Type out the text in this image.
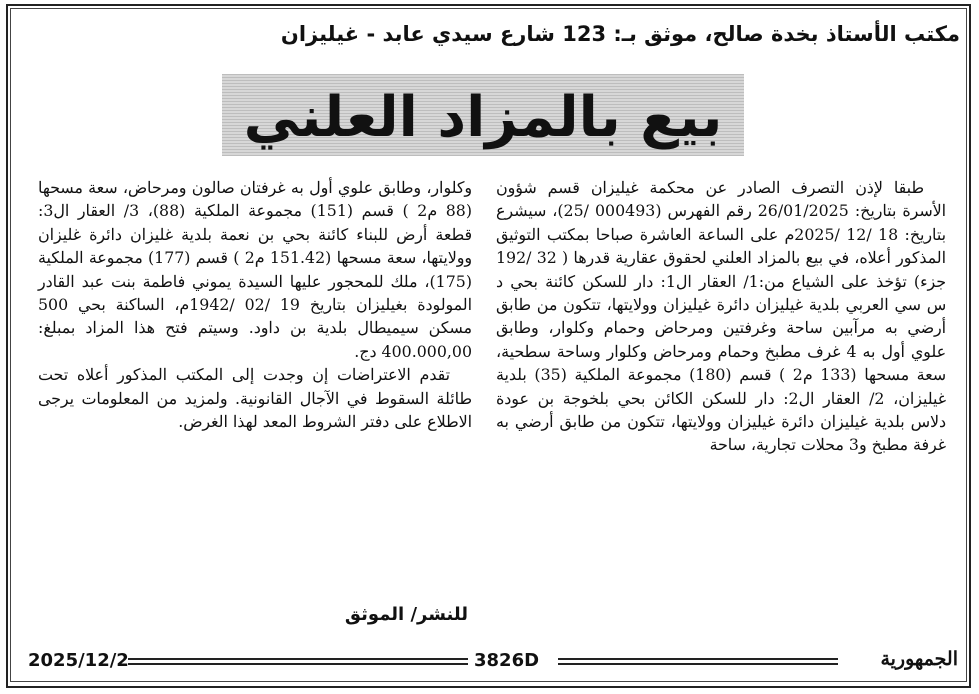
مكتب الأستاذ بخدة صالح، موثق بـ: 123 شارع سيدي عابد - غيليزان
بيع بالمزاد العلني

طبقا لإذن التصرف الصادر عن محكمة غيليزان قسم شؤون الأسرة بتاريخ: 26/01/2025 رقم الفهرس (000493 /25)، سيشرع بتاريخ: 18 /12 /2025م على الساعة العاشرة صباحا بمكتب التوثيق المذكور أعلاه، في بيع بالمزاد العلني لحقوق عقارية قدرها ( 32 /192 جزء) تؤخذ على الشياع من:1/ العقار ال1: دار للسكن كائنة بحي د س سي العربي بلدية غيليزان دائرة غيليزان وولايتها، تتكون من طابق أرضي به مرآبين ساحة وغرفتين ومرحاض وحمام وكلوار، وطابق علوي أول به 4 غرف مطبخ وحمام ومرحاض وكلوار وساحة سطحية، سعة مسحها (133 م2 ) قسم (180) مجموعة الملكية (35) بلدية غيليزان، 2/ العقار ال2: دار للسكن الكائن بحي بلخوجة بن عودة دلاس بلدية غيليزان دائرة غيليزان وولايتها، تتكون من طابق أرضي به غرفة مطبخ و3 محلات تجارية، ساحة

وكلوار، وطابق علوي أول به غرفتان صالون ومرحاض، سعة مسحها (88 م2 ) قسم (151) مجموعة الملكية (88)، 3/ العقار ال3: قطعة أرض للبناء كائنة بحي بن نعمة بلدية غليزان دائرة غليزان وولايتها، سعة مسحها (151.42 م2 ) قسم (177) مجموعة الملكية (175)، ملك للمحجور عليها السيدة يموني فاطمة بنت عبد القادر المولودة بغيليزان بتاريخ 19 /02 /1942م، الساكنة بحي 500 مسكن سيميطال بلدية بن داود. وسيتم فتح هذا المزاد بمبلغ: 400.000,00 دج.

تقدم الاعتراضات إن وجدت إلى المكتب المذكور أعلاه تحت طائلة السقوط في الآجال القانونية. ولمزيد من المعلومات يرجى الاطلاع على دفتر الشروط المعد لهذا الغرض.

للنشر/ الموثق
2025/12/2	3826D	الجمهورية
